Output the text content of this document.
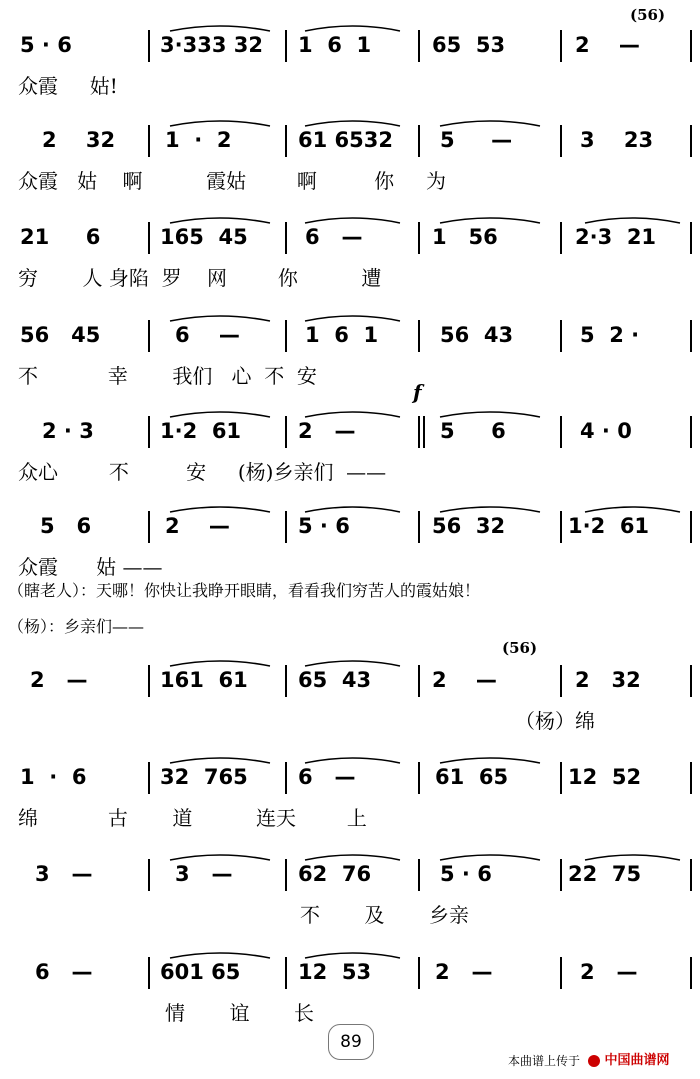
5 · 6	3·333 32 1  6  1	65  53	2    —
(56)
众霞     姑!
2    32 1  ·  2	61 6532 5     —	3    23
众霞   姑    啊          霞姑        啊         你     为
21     6	165  45	6   —	1   56	2·3  21
穷       人 身陷  罗    网        你          遭
56   45	6    —	1  6  1	56  43	5  2 ·
不           幸       我们   心  不  安
2 · 3	1·2  61	2   —	5     6	4 · 0
众心        不         安     (杨)乡亲们  ——
5   6	2    —	5 · 6	56  32	1·2  61
众霞      姑 ——
2   —	161  61 65  43	2    —	2   32
(56)
（杨）绵
1  ·  6	32  765 6   —	61  65	12  52
绵           古       道          连天        上
3   —	3   —	62  76	5 · 6	22  75
不       及       乡亲
6   —	601 65	12  53	2   —	2   —
情       谊       长
（瞎老人）：天哪！你快让我睁开眼睛，看看我们穷苦人的霞姑娘！
（杨）：乡亲们——
f
89
本曲谱上传于	中国曲谱网
